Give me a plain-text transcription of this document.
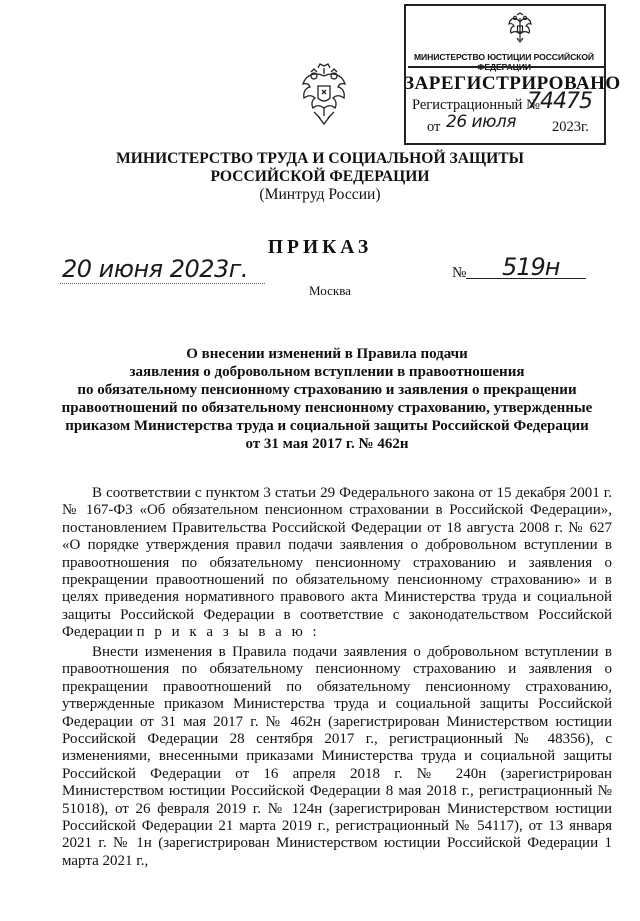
МИНИСТЕРСТВО ЮСТИЦИИ РОССИЙСКОЙ ФЕДЕРАЦИИ
ЗАРЕГИСТРИРОВАНО
Регистрационный №
74475
от 26 июля 2023г.
МИНИСТЕРСТВО ТРУДА И СОЦИАЛЬНОЙ ЗАЩИТЫ
РОССИЙСКОЙ ФЕДЕРАЦИИ
(Минтруд России)
ПРИКАЗ
20 июня 2023г.	№ 519н
Москва
О внесении изменений в Правила подачи
заявления о добровольном вступлении в правоотношения
по обязательному пенсионному страхованию и заявления о прекращении
правоотношений по обязательному пенсионному страхованию, утвержденные
приказом Министерства труда и социальной защиты Российской Федерации
от 31 мая 2017 г. № 462н

В соответствии с пунктом 3 статьи 29 Федерального закона от 15 декабря 2001 г. № 167-ФЗ «Об обязательном пенсионном страховании в Российской Федерации», постановлением Правительства Российской Федерации от 18 августа 2008 г. № 627 «О порядке утверждения правил подачи заявления о добровольном вступлении в правоотношения по обязательному пенсионному страхованию и заявления о прекращении правоотношений по обязательному пенсионному страхованию» и в целях приведения нормативного правового акта Министерства труда и социальной защиты Российской Федерации в соответствие с законодательством Российской Федерации п р и к а з ы в а ю :

Внести изменения в Правила подачи заявления о добровольном вступлении в правоотношения по обязательному пенсионному страхованию и заявления о прекращении правоотношений по обязательному пенсионному страхованию, утвержденные приказом Министерства труда и социальной защиты Российской Федерации от 31 мая 2017 г. № 462н (зарегистрирован Министерством юстиции Российской Федерации 28 сентября 2017 г., регистрационный № 48356), с изменениями, внесенными приказами Министерства труда и социальной защиты Российской Федерации от 16 апреля 2018 г. № 240н (зарегистрирован Министерством юстиции Российской Федерации 8 мая 2018 г., регистрационный № 51018), от 26 февраля 2019 г. № 124н (зарегистрирован Министерством юстиции Российской Федерации 21 марта 2019 г., регистрационный № 54117), от 13 января 2021 г. № 1н (зарегистрирован Министерством юстиции Российской Федерации 1 марта 2021 г.,
